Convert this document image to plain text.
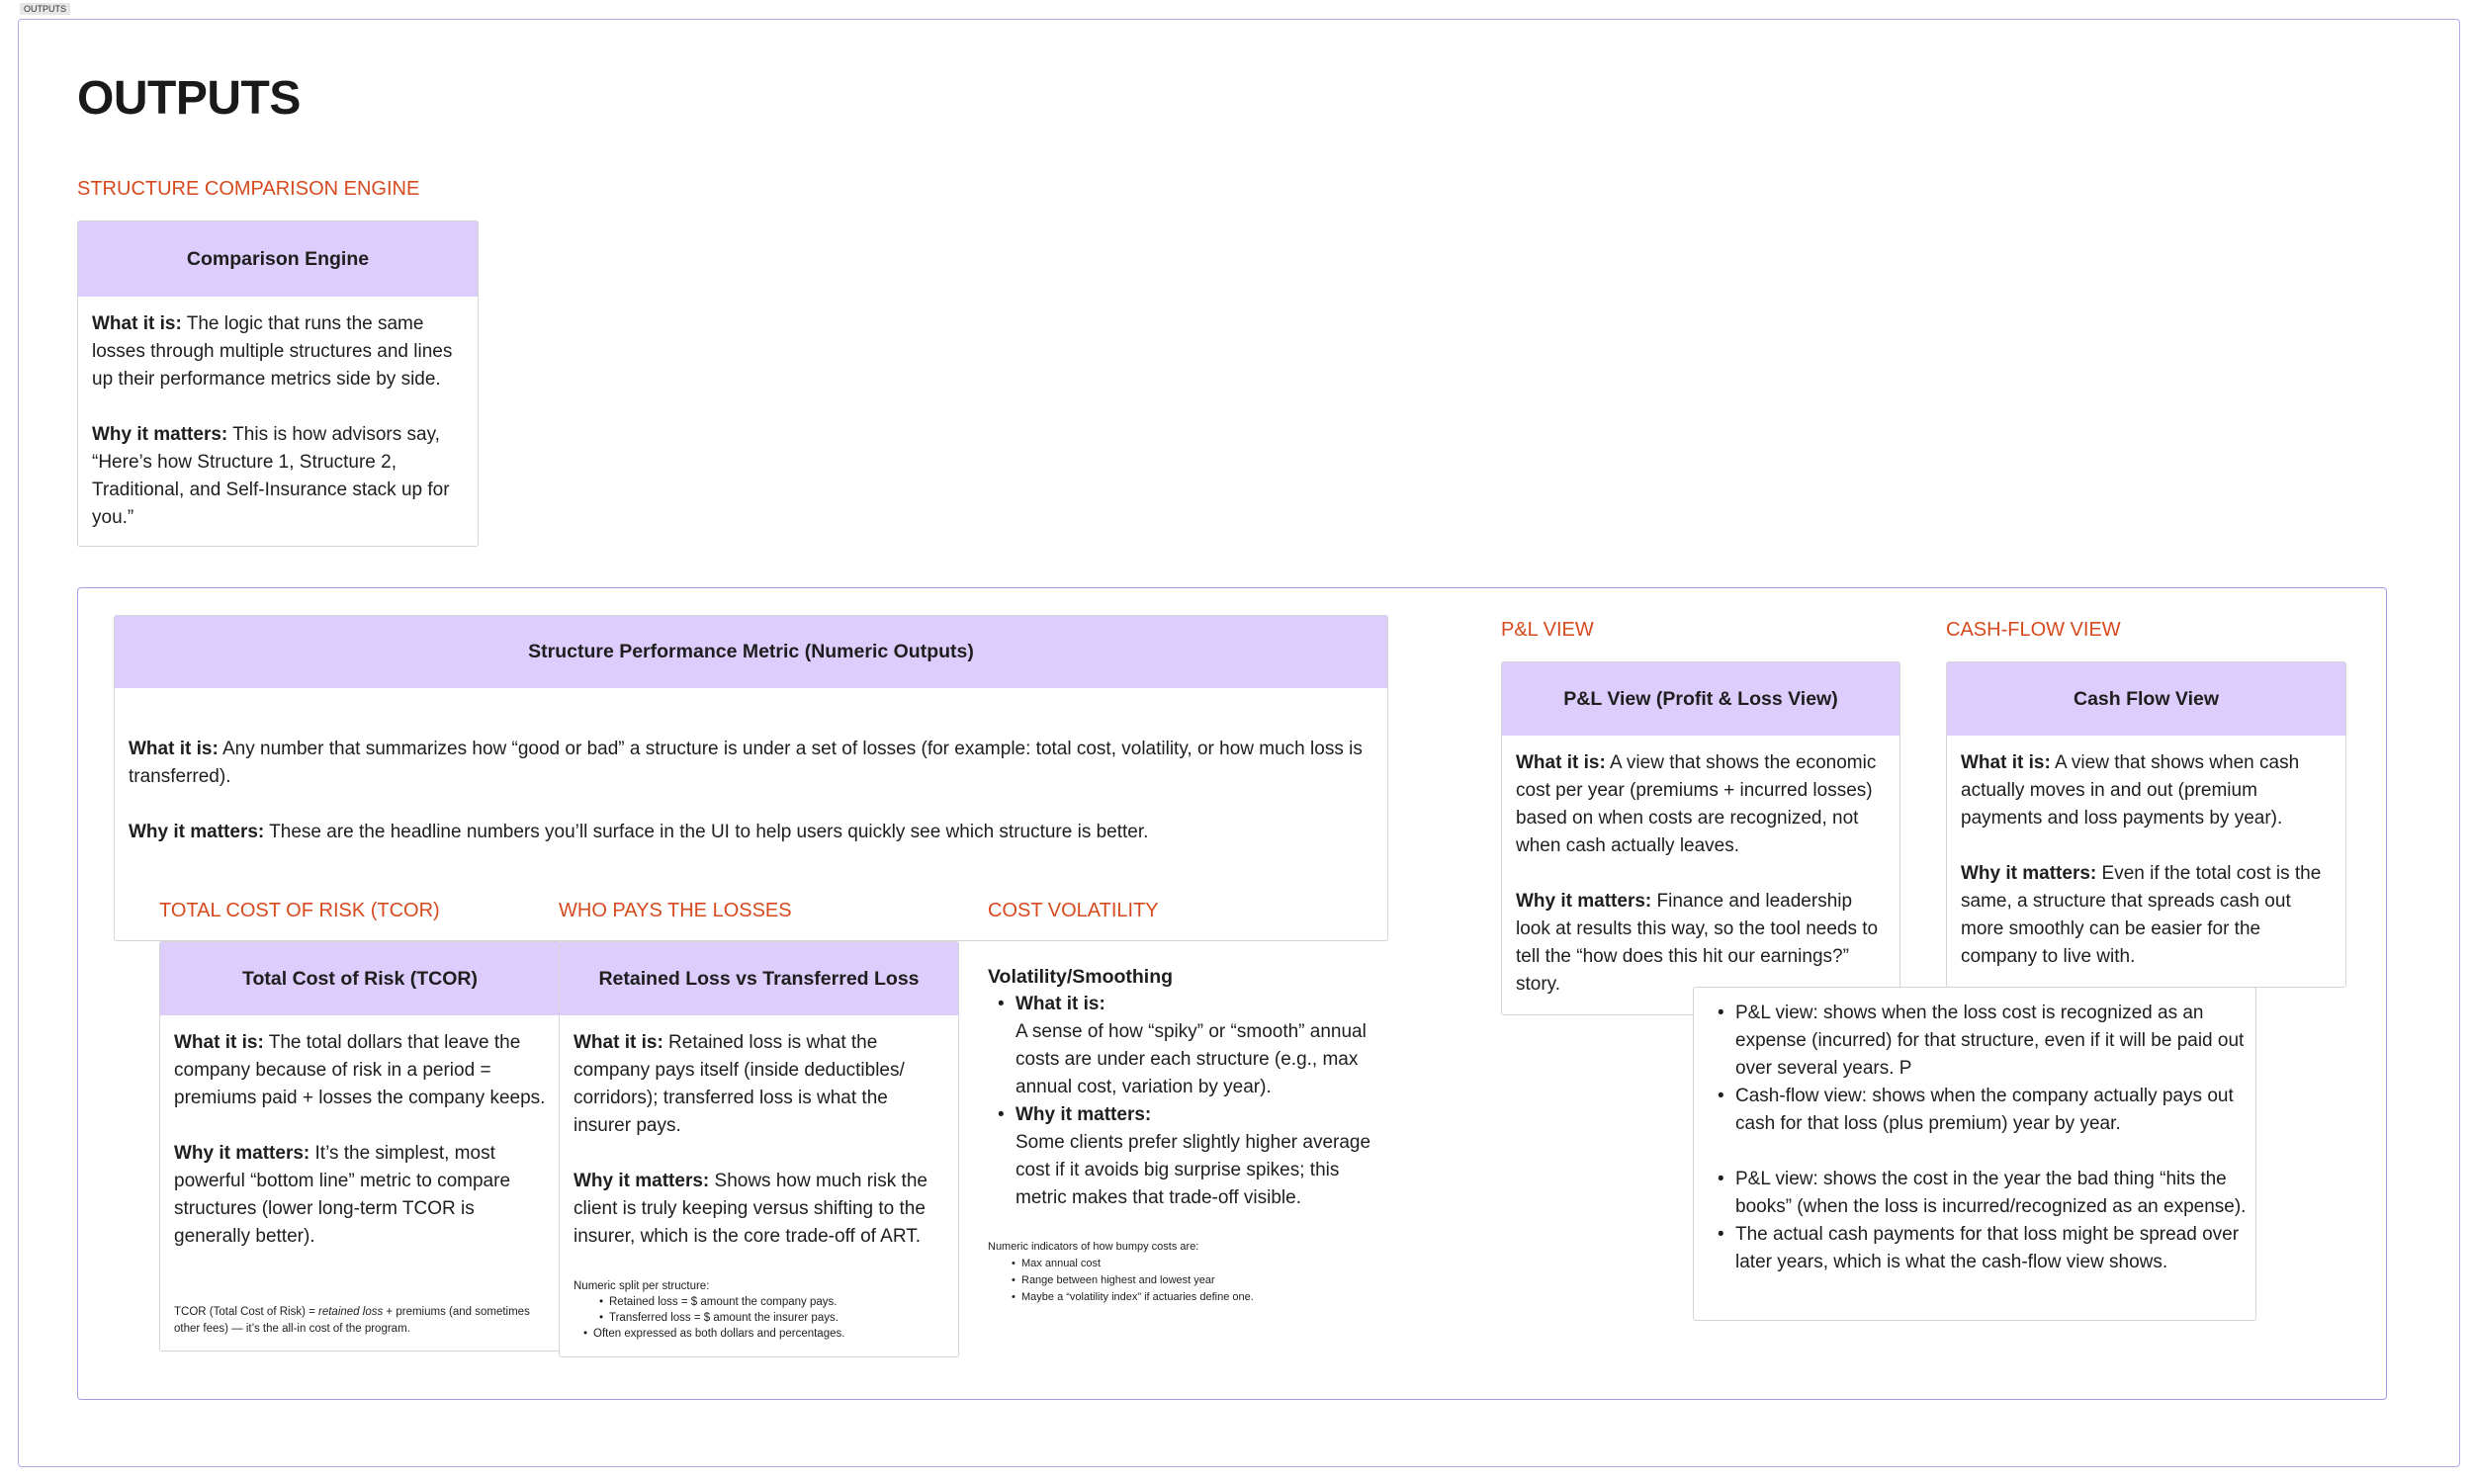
OUTPUTS
OUTPUTS
STRUCTURE COMPARISON ENGINE
Comparison Engine

What it is: The logic that runs the same losses through multiple structures and lines up their performance metrics side by side.

Why it matters: This is how advisors say, “Here’s how Structure 1, Structure 2, Traditional, and Self-Insurance stack up for you.”

Structure Performance Metric (Numeric Outputs)

What it is: Any number that summarizes how “good or bad” a structure is under a set of losses (for example: total cost, volatility, or how much loss is transferred).

Why it matters: These are the headline numbers you’ll surface in the UI to help users quickly see which structure is better.

TOTAL COST OF RISK (TCOR)	WHO PAYS THE LOSSES	COST VOLATILITY
Total Cost of Risk (TCOR)

What it is: The total dollars that leave the company because of risk in a period = premiums paid + losses the company keeps.

Why it matters: It’s the simplest, most powerful “bottom line” metric to compare structures (lower long-term TCOR is generally better).

TCOR (Total Cost of Risk) = retained loss + premiums (and sometimes other fees) — it’s the all-in cost of the program.
Retained Loss vs Transferred Loss

What it is: Retained loss is what the company pays itself (inside deductibles/ corridors); transferred loss is what the insurer pays.

Why it matters: Shows how much risk the client is truly keeping versus shifting to the insurer, which is the core trade-off of ART.

Numeric split per structure:
• Retained loss = $ amount the company pays.
• Transferred loss = $ amount the insurer pays.
• Often expressed as both dollars and percentages.
Volatility/Smoothing
• What it is:
A sense of how “spiky” or “smooth” annual costs are under each structure (e.g., max annual cost, variation by year).
• Why it matters:
Some clients prefer slightly higher average cost if it avoids big surprise spikes; this metric makes that trade-off visible.
Numeric indicators of how bumpy costs are:
• Max annual cost
• Range between highest and lowest year
• Maybe a “volatility index” if actuaries define one.
P&L VIEW
P&L View (Profit & Loss View)

What it is: A view that shows the economic cost per year (premiums + incurred losses) based on when costs are recognized, not when cash actually leaves.

Why it matters: Finance and leadership look at results this way, so the tool needs to tell the “how does this hit our earnings?” story.

CASH-FLOW VIEW
Cash Flow View

What it is: A view that shows when cash actually moves in and out (premium payments and loss payments by year).

Why it matters: Even if the total cost is the same, a structure that spreads cash out more smoothly can be easier for the company to live with.

• P&L view: shows when the loss cost is recognized as an expense (incurred) for that structure, even if it will be paid out over several years. P
• Cash-flow view: shows when the company actually pays out cash for that loss (plus premium) year by year.
• P&L view: shows the cost in the year the bad thing “hits the books” (when the loss is incurred/recognized as an expense).
• The actual cash payments for that loss might be spread over later years, which is what the cash-flow view shows.
